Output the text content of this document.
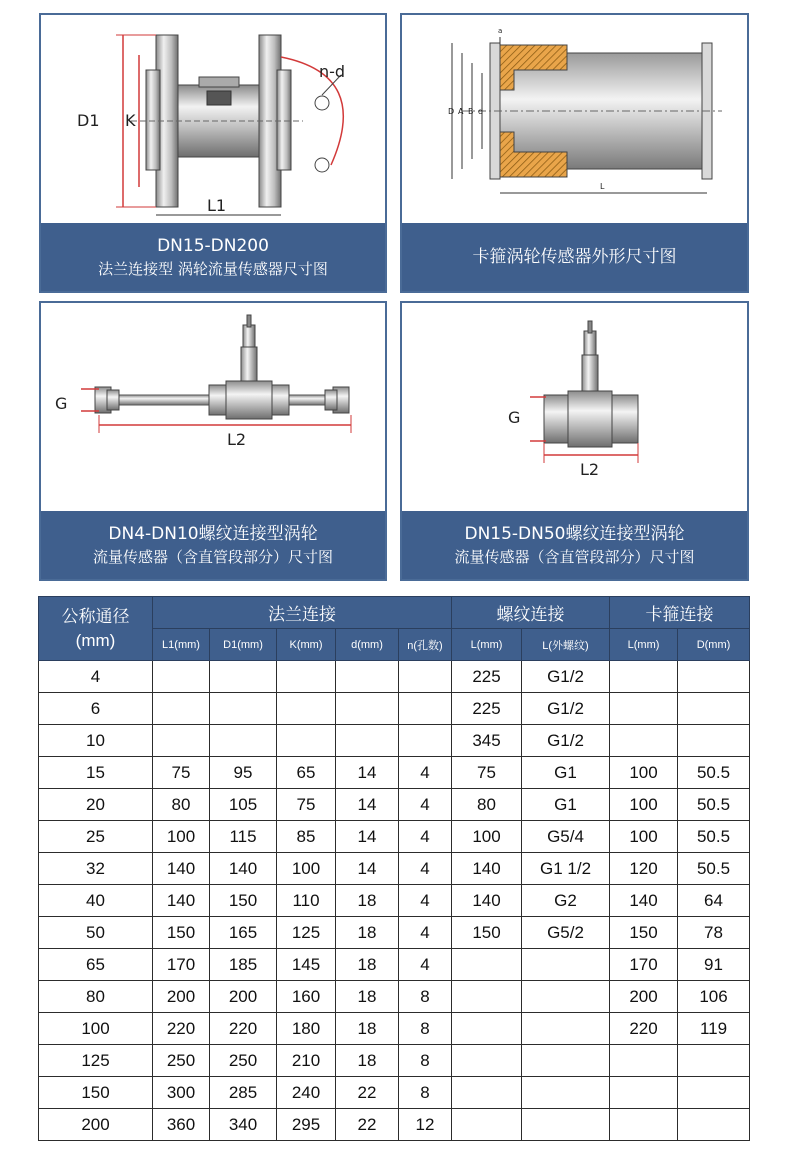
D1 K
n-d
L1
DN15-DN200
法兰连接型 涡轮流量传感器尺寸图
a
D A B d
L
卡箍涡轮传感器外形尺寸图
G
L2
DN4-DN10螺纹连接型涡轮
流量传感器（含直管段部分）尺寸图
G
L2
DN15-DN50螺纹连接型涡轮
流量传感器（含直管段部分）尺寸图
公称通径
(mm)	法兰连接					螺纹连接		卡箍连接	
	L1(mm)	D1(mm)	K(mm)	d(mm)	n(孔数)	L(mm)	L(外螺纹)	L(mm)	D(mm)
4						225	G1/2		
6						225	G1/2		
10						345	G1/2		
15	75	95	65	14	4	75	G1	100	50.5
20	80	105	75	14	4	80	G1	100	50.5
25	100	115	85	14	4	100	G5/4	100	50.5
32	140	140	100	14	4	140	G1 1/2	120	50.5
40	140	150	110	18	4	140	G2	140	64
50	150	165	125	18	4	150	G5/2	150	78
65	170	185	145	18	4			170	91
80	200	200	160	18	8			200	106
100	220	220	180	18	8			220	119
125	250	250	210	18	8				
150	300	285	240	22	8				
200	360	340	295	22	12				
